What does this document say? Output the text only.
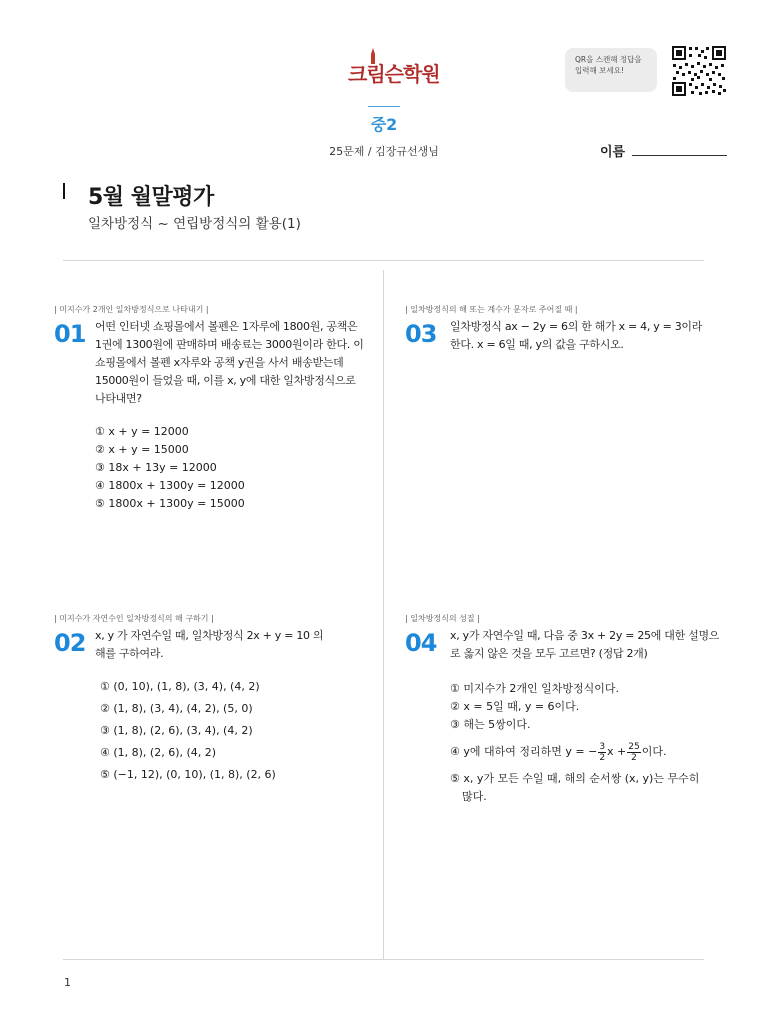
크림슨학원
QR을 스캔해 정답을
입력해 보세요!
중2
25문제 / 김장규선생님	이름
5월 월말평가
일차방정식 ~ 연립방정식의 활용(1)
| 미지수가 2개인 일차방정식으로 나타내기 |
01 어떤 인터넷 쇼핑몰에서 볼펜은 1자루에 1800원, 공책은
1권에 1300원에 판매하며 배송료는 3000원이라 한다. 이
쇼핑몰에서 볼펜 x자루와 공책 y권을 사서 배송받는데
15000원이 들었을 때, 이를 x, y에 대한 일차방정식으로
나타내면?
① x + y = 12000
② x + y = 15000
③ 18x + 13y = 12000
④ 1800x + 1300y = 12000
⑤ 1800x + 1300y = 15000
| 미지수가 자연수인 일차방정식의 해 구하기 |
02 x, y 가 자연수일 때, 일차방정식 2x + y = 10 의
해를 구하여라.
① (0, 10), (1, 8), (3, 4), (4, 2)
② (1, 8), (3, 4), (4, 2), (5, 0)
③ (1, 8), (2, 6), (3, 4), (4, 2)
④ (1, 8), (2, 6), (4, 2)
⑤ (−1, 12), (0, 10), (1, 8), (2, 6)
| 일차방정식의 해 또는 계수가 문자로 주어질 때 |
03 일차방정식 ax − 2y = 6의 한 해가 x = 4, y = 3이라
한다. x = 6일 때, y의 값을 구하시오.
| 일차방정식의 성질 |
04 x, y가 자연수일 때, 다음 중 3x + 2y = 25에 대한 설명으
로 옳지 않은 것을 모두 고르면? (정답 2개)
① 미지수가 2개인 일차방정식이다.
② x = 5일 때, y = 6이다.
③ 해는 5쌍이다.
④ y에 대하여 정리하면 y = − $\frac{3}{2}$ $x + \frac{25}{2}$ 이다.
⑤ x, y가 모든 수일 때, 해의 순서쌍 (x, y)는 무수히
많다.
1
